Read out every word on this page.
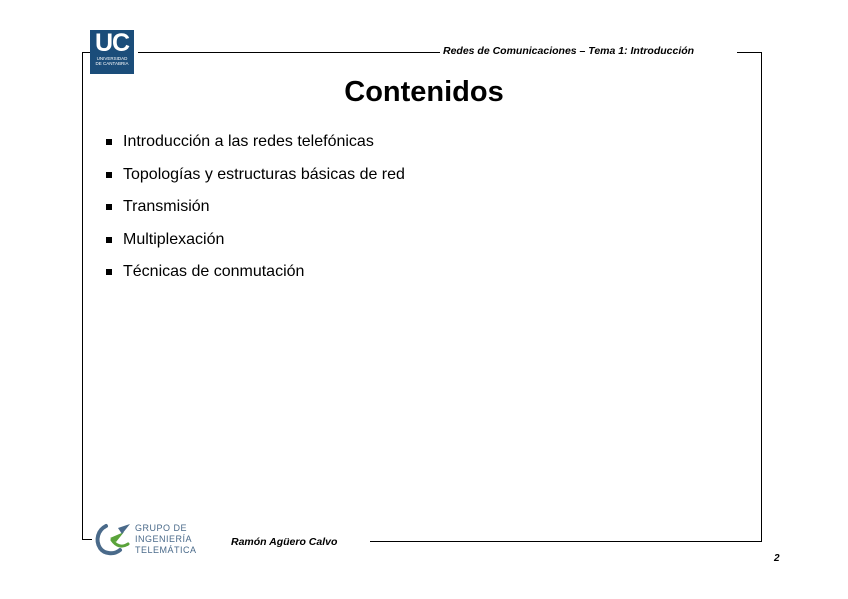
UC
UNIVERSIDAD
DE CANTABRIA
Redes de Comunicaciones – Tema 1: Introducción
Contenidos
Introducción a las redes telefónicas
Topologías y estructuras básicas de red
Transmisión
Multiplexación
Técnicas de conmutación
GRUPO DE
INGENIERÍA
TELEMÁTICA
Ramón Agüero Calvo
2
